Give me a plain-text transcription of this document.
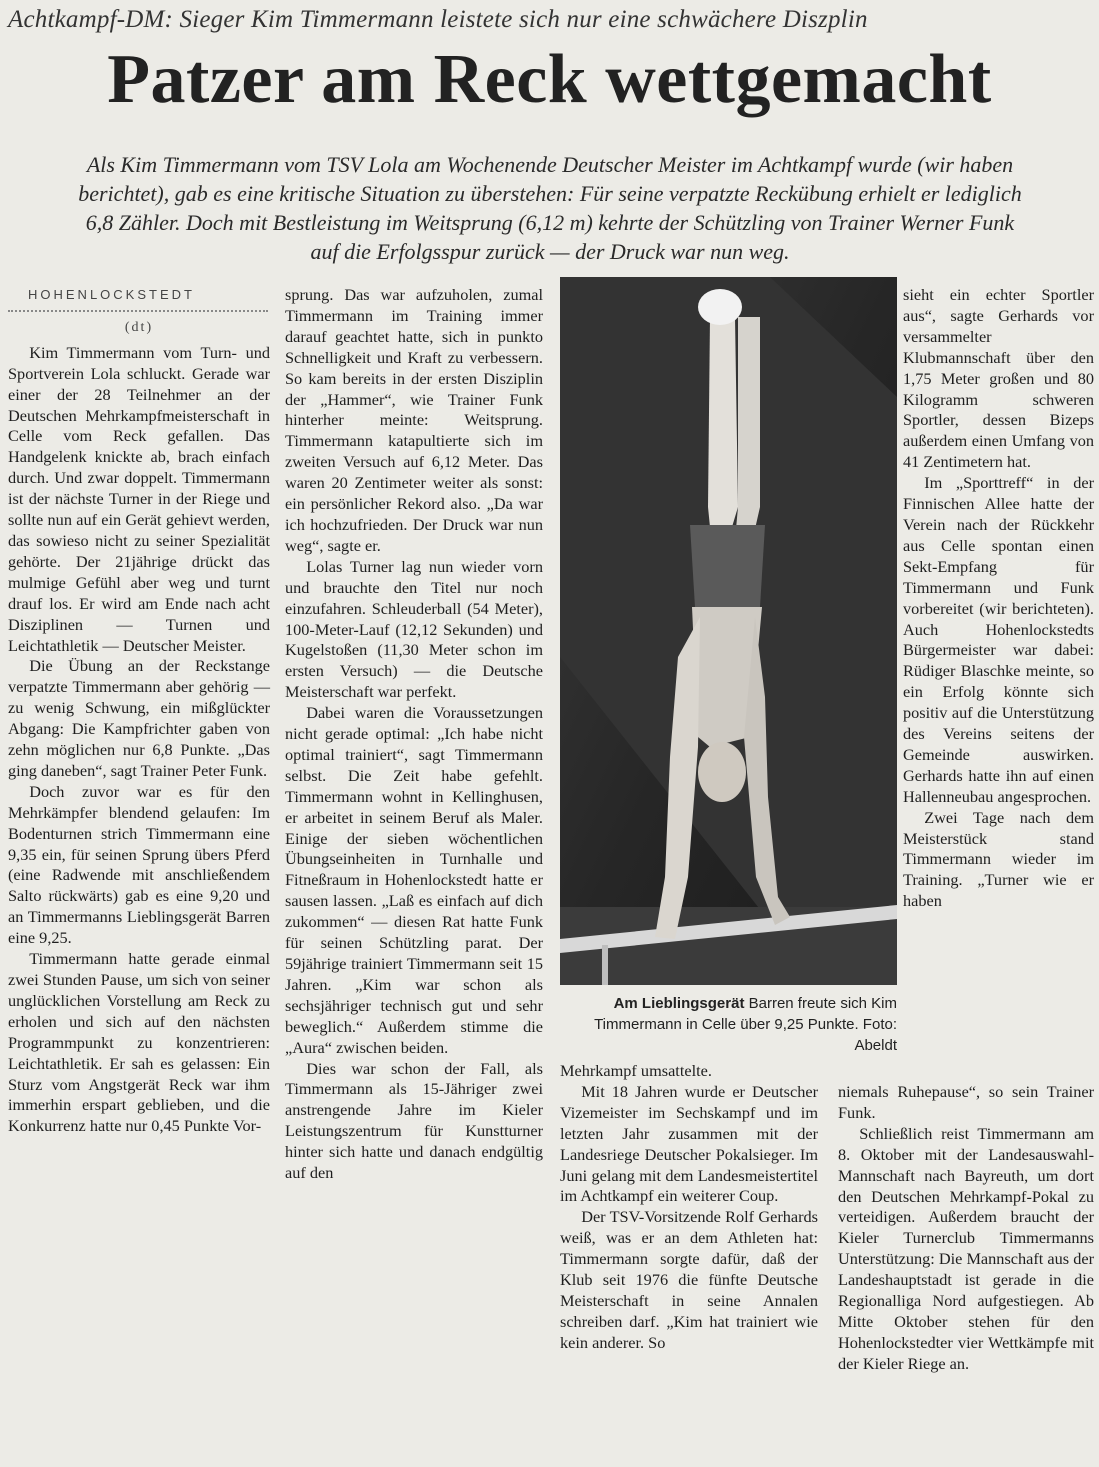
Achtkampf-DM: Sieger Kim Timmermann leistete sich nur eine schwächere Diszplin
Patzer am Reck wettgemacht
Als Kim Timmermann vom TSV Lola am Wochenende Deutscher Meister im Achtkampf wurde (wir haben berichtet), gab es eine kritische Situation zu überstehen: Für seine verpatzte Reckübung erhielt er lediglich 6,8 Zähler. Doch mit Bestleistung im Weitsprung (6,12 m) kehrte der Schützling von Trainer Werner Funk auf die Erfolgsspur zurück — der Druck war nun weg.
HOHENLOCKSTEDT
(dt)

Kim Timmermann vom Turn- und Sportverein Lola schluckt. Gerade war einer der 28 Teilnehmer an der Deutschen Mehrkampfmeisterschaft in Celle vom Reck gefallen. Das Handgelenk knickte ab, brach einfach durch. Und zwar doppelt. Timmermann ist der nächste Turner in der Riege und sollte nun auf ein Gerät gehievt werden, das sowieso nicht zu seiner Spezialität gehörte. Der 21jährige drückt das mulmige Gefühl aber weg und turnt drauf los. Er wird am Ende nach acht Disziplinen — Turnen und Leichtathletik — Deutscher Meister.

Die Übung an der Reckstange verpatzte Timmermann aber gehörig — zu wenig Schwung, ein mißglückter Abgang: Die Kampfrichter gaben von zehn möglichen nur 6,8 Punkte. „Das ging daneben“, sagt Trainer Peter Funk.

Doch zuvor war es für den Mehrkämpfer blendend gelaufen: Im Bodenturnen strich Timmermann eine 9,35 ein, für seinen Sprung übers Pferd (eine Radwende mit anschließendem Salto rückwärts) gab es eine 9,20 und an Timmermanns Lieblingsgerät Barren eine 9,25.

Timmermann hatte gerade einmal zwei Stunden Pause, um sich von seiner unglücklichen Vorstellung am Reck zu erholen und sich auf den nächsten Programmpunkt zu konzentrieren: Leichtathletik. Er sah es gelassen: Ein Sturz vom Angstgerät Reck war ihm immerhin erspart geblieben, und die Konkurrenz hatte nur 0,45 Punkte Vor-

sprung. Das war aufzuholen, zumal Timmermann im Training immer darauf geachtet hatte, sich in punkto Schnelligkeit und Kraft zu verbessern. So kam bereits in der ersten Disziplin der „Hammer“, wie Trainer Funk hinterher meinte: Weitsprung. Timmermann katapultierte sich im zweiten Versuch auf 6,12 Meter. Das waren 20 Zentimeter weiter als sonst: ein persönlicher Rekord also. „Da war ich hochzufrieden. Der Druck war nun weg“, sagte er.

Lolas Turner lag nun wieder vorn und brauchte den Titel nur noch einzufahren. Schleuderball (54 Meter), 100-Meter-Lauf (12,12 Sekunden) und Kugelstoßen (11,30 Meter schon im ersten Versuch) — die Deutsche Meisterschaft war perfekt.

Dabei waren die Voraussetzungen nicht gerade optimal: „Ich habe nicht optimal trainiert“, sagt Timmermann selbst. Die Zeit habe gefehlt. Timmermann wohnt in Kellinghusen, er arbeitet in seinem Beruf als Maler. Einige der sieben wöchentlichen Übungseinheiten in Turnhalle und Fitneßraum in Hohenlockstedt hatte er sausen lassen. „Laß es einfach auf dich zukommen“ — diesen Rat hatte Funk für seinen Schützling parat. Der 59jährige trainiert Timmermann seit 15 Jahren. „Kim war schon als sechsjähriger technisch gut und sehr beweglich.“ Außerdem stimme die „Aura“ zwischen beiden.

Dies war schon der Fall, als Timmermann als 15-Jähriger zwei anstrengende Jahre im Kieler Leistungszentrum für Kunstturner hinter sich hatte und danach endgültig auf den

Am Lieblingsgerät Barren freute sich Kim Timmermann in Celle über 9,25 Punkte. Foto: Abeldt

Mehrkampf umsattelte.

Mit 18 Jahren wurde er Deutscher Vizemeister im Sechskampf und im letzten Jahr zusammen mit der Landesriege Deutscher Pokalsieger. Im Juni gelang mit dem Landesmeistertitel im Achtkampf ein weiterer Coup.

Der TSV-Vorsitzende Rolf Gerhards weiß, was er an dem Athleten hat: Timmermann sorgte dafür, daß der Klub seit 1976 die fünfte Deutsche Meisterschaft in seine Annalen schreiben darf. „Kim hat trainiert wie kein anderer. So

sieht ein echter Sportler aus“, sagte Gerhards vor versammelter Klubmannschaft über den 1,75 Meter großen und 80 Kilogramm schweren Sportler, dessen Bizeps außerdem einen Umfang von 41 Zentimetern hat.

Im „Sporttreff“ in der Finnischen Allee hatte der Verein nach der Rückkehr aus Celle spontan einen Sekt-Empfang für Timmermann und Funk vorbereitet (wir berichteten). Auch Hohenlockstedts Bürgermeister war dabei: Rüdiger Blaschke meinte, so ein Erfolg könnte sich positiv auf die Unterstützung des Vereins seitens der Gemeinde auswirken. Gerhards hatte ihn auf einen Hallenneubau angesprochen.

Zwei Tage nach dem Meisterstück stand Timmermann wieder im Training. „Turner wie er haben

niemals Ruhepause“, so sein Trainer Funk.

Schließlich reist Timmermann am 8. Oktober mit der Landesauswahl-Mannschaft nach Bayreuth, um dort den Deutschen Mehrkampf-Pokal zu verteidigen. Außerdem braucht der Kieler Turnerclub Timmermanns Unterstützung: Die Mannschaft aus der Landeshauptstadt ist gerade in die Regionalliga Nord aufgestiegen. Ab Mitte Oktober stehen für den Hohenlockstedter vier Wettkämpfe mit der Kieler Riege an.
